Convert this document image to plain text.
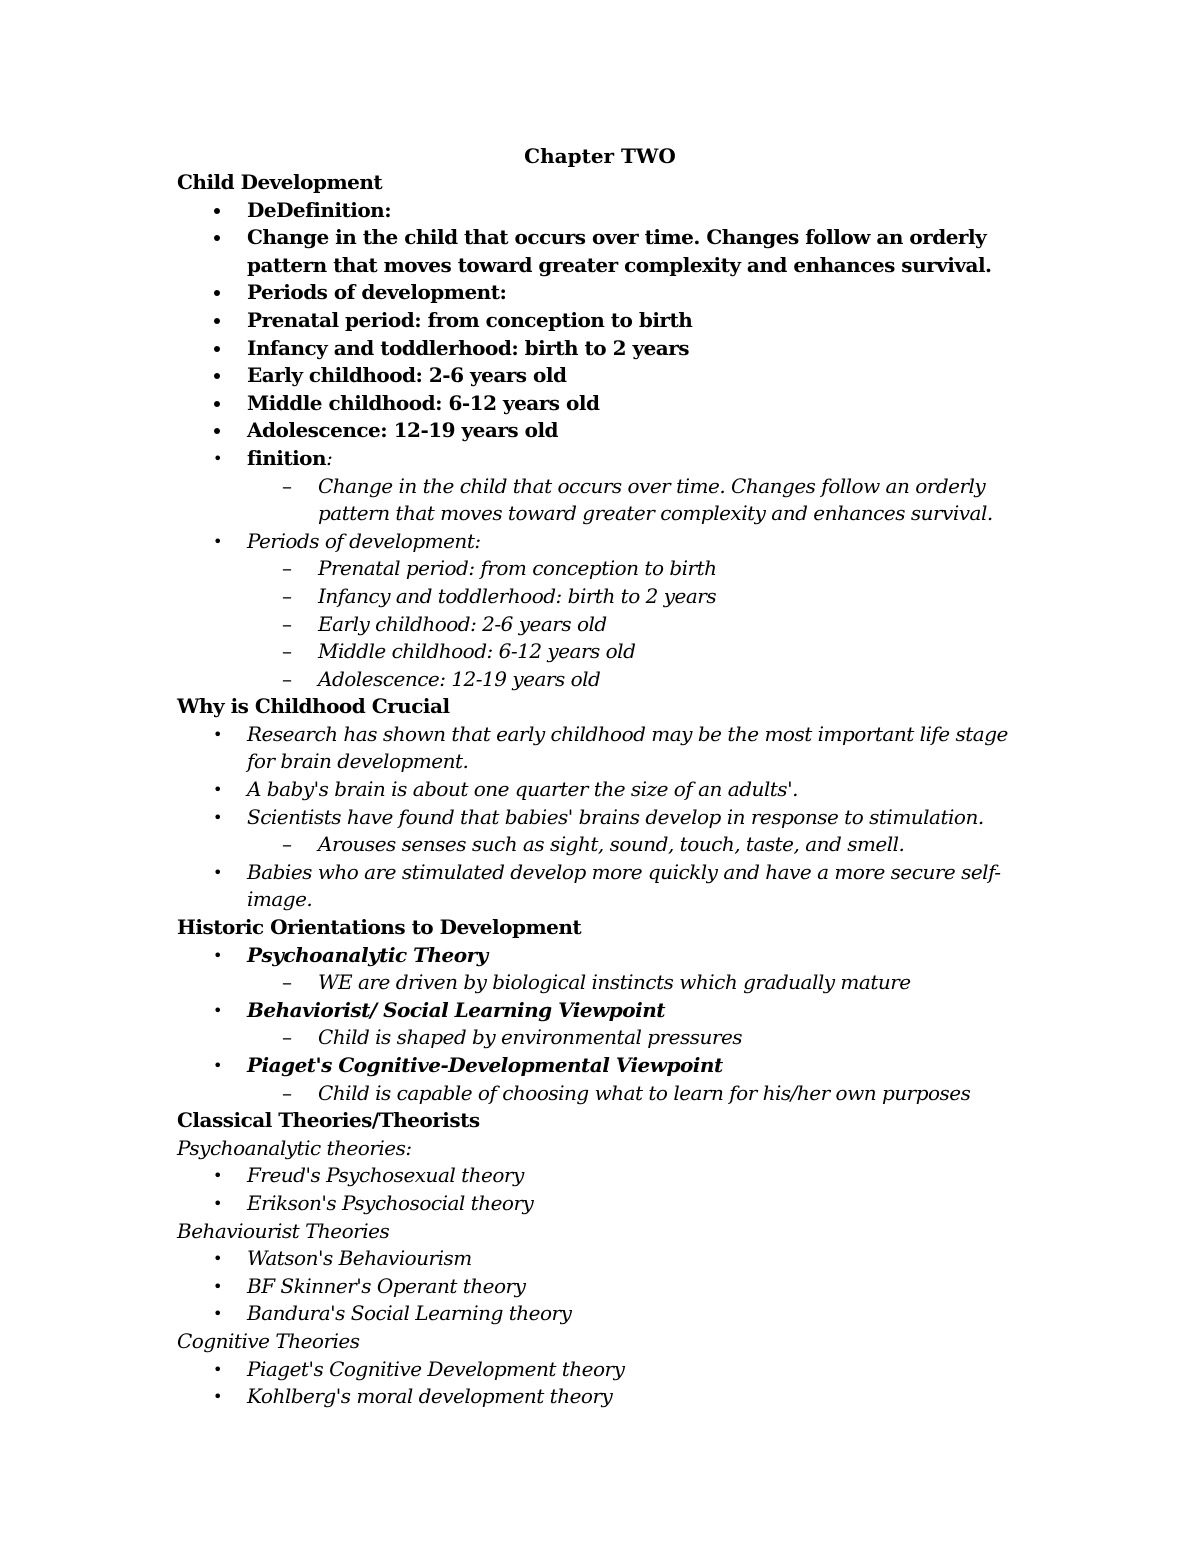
Chapter TWO
Child Development
DeDefinition:
Change in the child that occurs over time. Changes follow an orderly pattern that moves toward greater complexity and enhances survival.
Periods of development:
Prenatal period: from conception to birth
Infancy and toddlerhood: birth to 2 years
Early childhood: 2-6 years old
Middle childhood: 6-12 years old
Adolescence: 12-19 years old
• finition:
– Change in the child that occurs over time. Changes follow an orderly pattern that moves toward greater complexity and enhances survival.
• Periods of development:
– Prenatal period: from conception to birth
– Infancy and toddlerhood: birth to 2 years
– Early childhood: 2-6 years old
– Middle childhood: 6-12 years old
– Adolescence: 12-19 years old
Why is Childhood Crucial
• Research has shown that early childhood may be the most important life stage for brain development.
• A baby's brain is about one quarter the size of an adults'.
• Scientists have found that babies' brains develop in response to stimulation.
– Arouses senses such as sight, sound, touch, taste, and smell.
• Babies who are stimulated develop more quickly and have a more secure self-image.
Historic Orientations to Development
• Psychoanalytic Theory
– WE are driven by biological instincts which gradually mature
• Behaviorist/ Social Learning Viewpoint
– Child is shaped by environmental pressures
• Piaget's Cognitive-Developmental Viewpoint
– Child is capable of choosing what to learn for his/her own purposes
Classical Theories/Theorists
Psychoanalytic theories:
• Freud's Psychosexual theory
• Erikson's Psychosocial theory
Behaviourist Theories
• Watson's Behaviourism
• BF Skinner's Operant theory
• Bandura's Social Learning theory
Cognitive Theories
• Piaget's Cognitive Development theory
• Kohlberg's moral development theory
